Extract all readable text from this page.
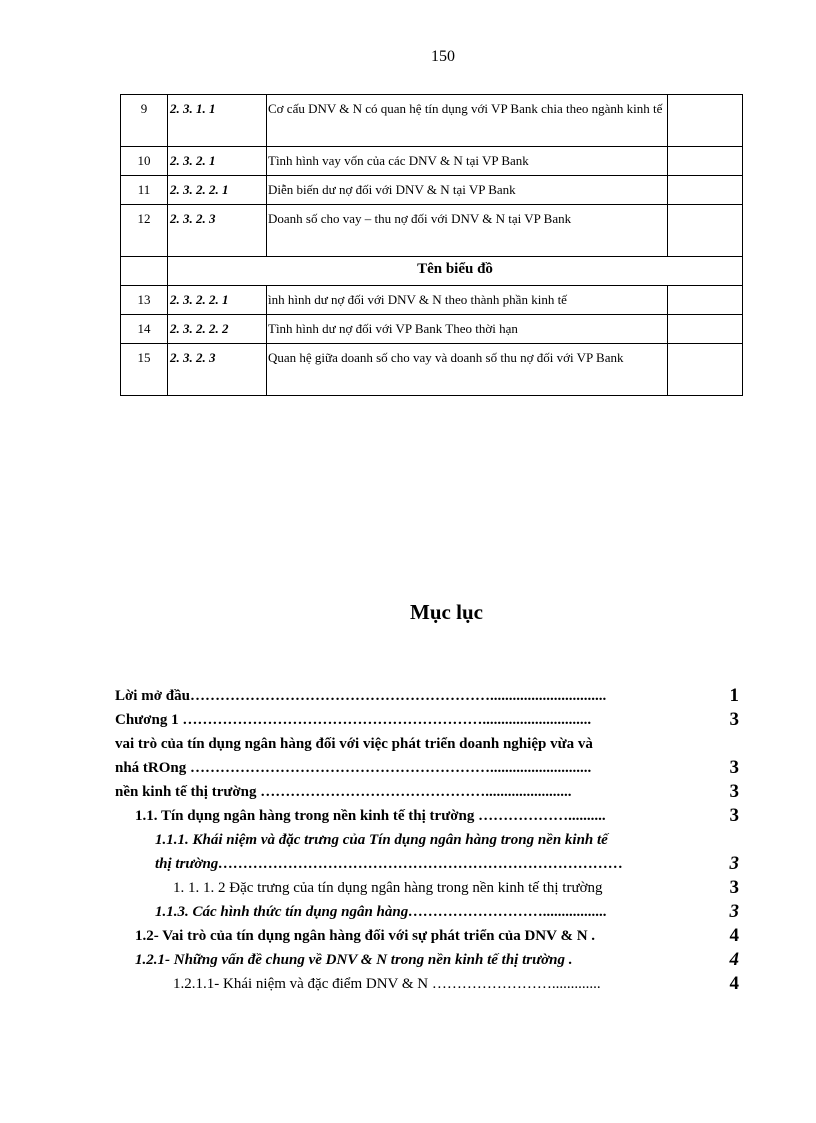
150
9	2. 3. 1. 1	Cơ cấu DNV & N có quan hệ tín dụng với VP Bank chia theo ngành kinh tế	
10	2. 3. 2. 1	Tình hình vay vốn của các DNV & N tại VP Bank	
11	2. 3. 2. 2. 1	Diễn biến dư nợ đối với DNV & N tại VP Bank	
12	2. 3. 2. 3	Doanh số cho vay – thu nợ đối với DNV & N tại VP Bank	
	Tên biểu đồ		
13	2. 3. 2. 2. 1	ình hình dư nợ đối với DNV & N theo thành phần kinh tế	
14	2. 3. 2. 2. 2	Tình hình dư nợ đối với VP Bank Theo thời hạn	
15	2. 3. 2. 3	Quan hệ giữa doanh số cho vay và doanh số thu nợ đối với VP Bank	
Mục lục
Lời mở đầu……………………………………………………...............................	1
Chương 1 …………………………………………………….............................	3
vai trò của tín dụng ngân hàng đối với việc phát triển doanh nghiệp vừa và
nhá tROng ……………………………………………………...........................	3
nền kinh tế thị trường ……………………………………….......................	3
1.1. Tín dụng ngân hàng trong nền kinh tế thị trường ………………..........	3
1.1.1. Khái niệm và đặc trưng của Tín dụng ngân hàng trong nền kinh tế
thị trường………………………………………………………………………	3
1. 1. 1. 2 Đặc trưng của tín dụng ngân hàng trong nền kinh tế thị trường	3
1.1.3. Các hình thức tín dụng ngân hàng……………………….................	3
1.2- Vai trò của tín dụng ngân hàng đối với sự phát triển của DNV & N .	4
1.2.1- Những vấn đề chung về DNV & N trong nền kinh tế thị trường .	4
1.2.1.1- Khái niệm và đặc điểm DNV & N …………………….............	4
